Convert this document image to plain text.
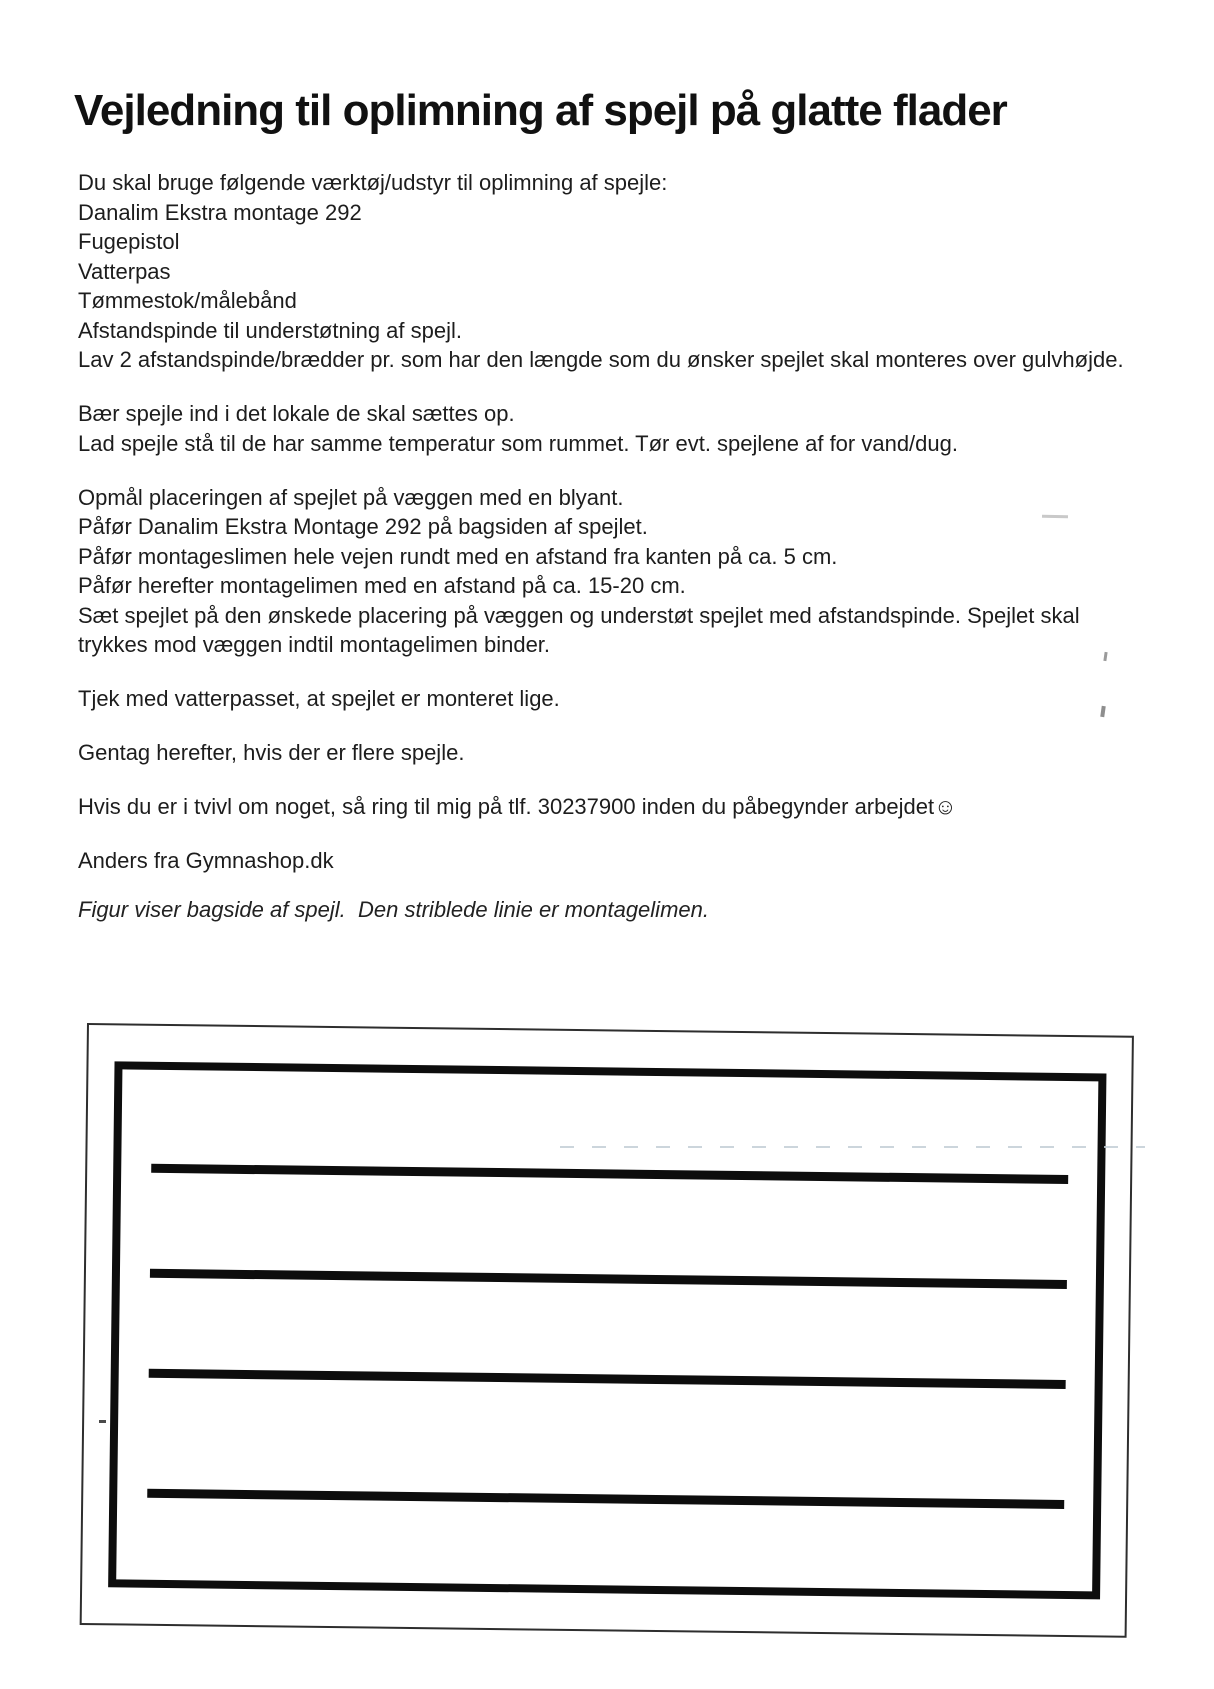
Vejledning til oplimning af spejl på glatte flader
Du skal bruge følgende værktøj/udstyr til oplimning af spejle:
Danalim Ekstra montage 292
Fugepistol
Vatterpas
Tømmestok/målebånd
Afstandspinde til understøtning af spejl.
Lav 2 afstandspinde/brædder pr. som har den længde som du ønsker spejlet skal monteres over gulvhøjde.
Bær spejle ind i det lokale de skal sættes op.
Lad spejle stå til de har samme temperatur som rummet. Tør evt. spejlene af for vand/dug.
Opmål placeringen af spejlet på væggen med en blyant.
Påfør Danalim Ekstra Montage 292 på bagsiden af spejlet.
Påfør montageslimen hele vejen rundt med en afstand fra kanten på ca. 5 cm.
Påfør herefter montagelimen med en afstand på ca. 15-20 cm.
Sæt spejlet på den ønskede placering på væggen og understøt spejlet med afstandspinde. Spejlet skal
trykkes mod væggen indtil montagelimen binder.
Tjek med vatterpasset, at spejlet er monteret lige.
Gentag herefter, hvis der er flere spejle.
Hvis du er i tvivl om noget, så ring til mig på tlf. 30237900 inden du påbegynder arbejdet☺
Anders fra Gymnashop.dk
Figur viser bagside af spejl.  Den striblede linie er montagelimen.
